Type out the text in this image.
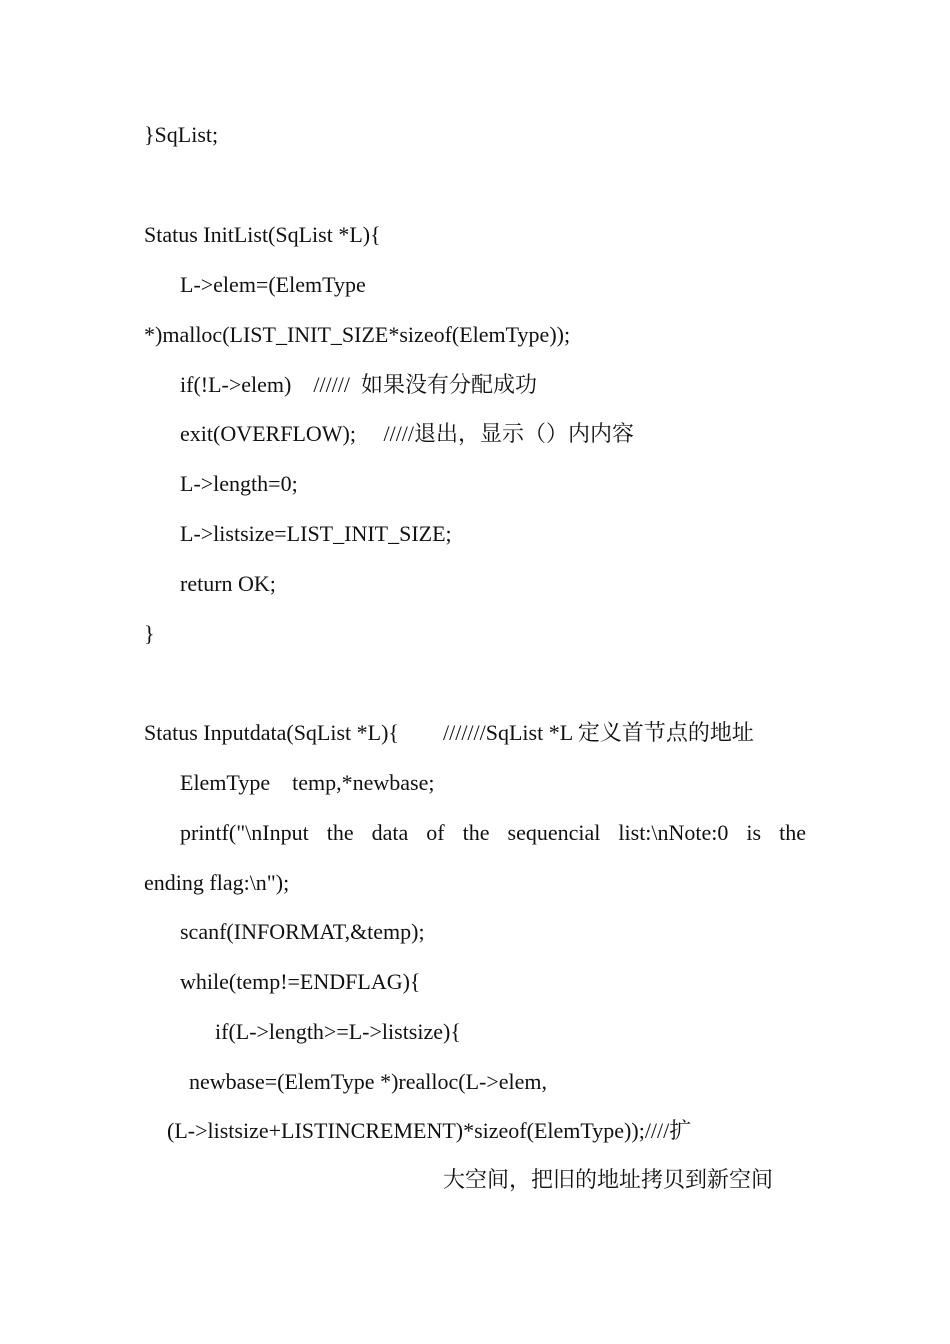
}SqList;
Status InitList(SqList *L){
L->elem=(ElemType
*)malloc(LIST_INIT_SIZE*sizeof(ElemType));
if(!L->elem)    //////  如果没有分配成功
exit(OVERFLOW);     /////退出，显示（）内内容
L->length=0;
L->listsize=LIST_INIT_SIZE;
return OK;
}
Status Inputdata(SqList *L){        ///////SqList *L 定义首节点的地址
ElemType    temp,*newbase;
printf("\nInput the data of the sequencial list:\nNote:0 is the
ending flag:\n");
scanf(INFORMAT,&temp);
while(temp!=ENDFLAG){
if(L->length>=L->listsize){
newbase=(ElemType *)realloc(L->elem,
(L->listsize+LISTINCREMENT)*sizeof(ElemType));////扩
大空间，把旧的地址拷贝到新空间
